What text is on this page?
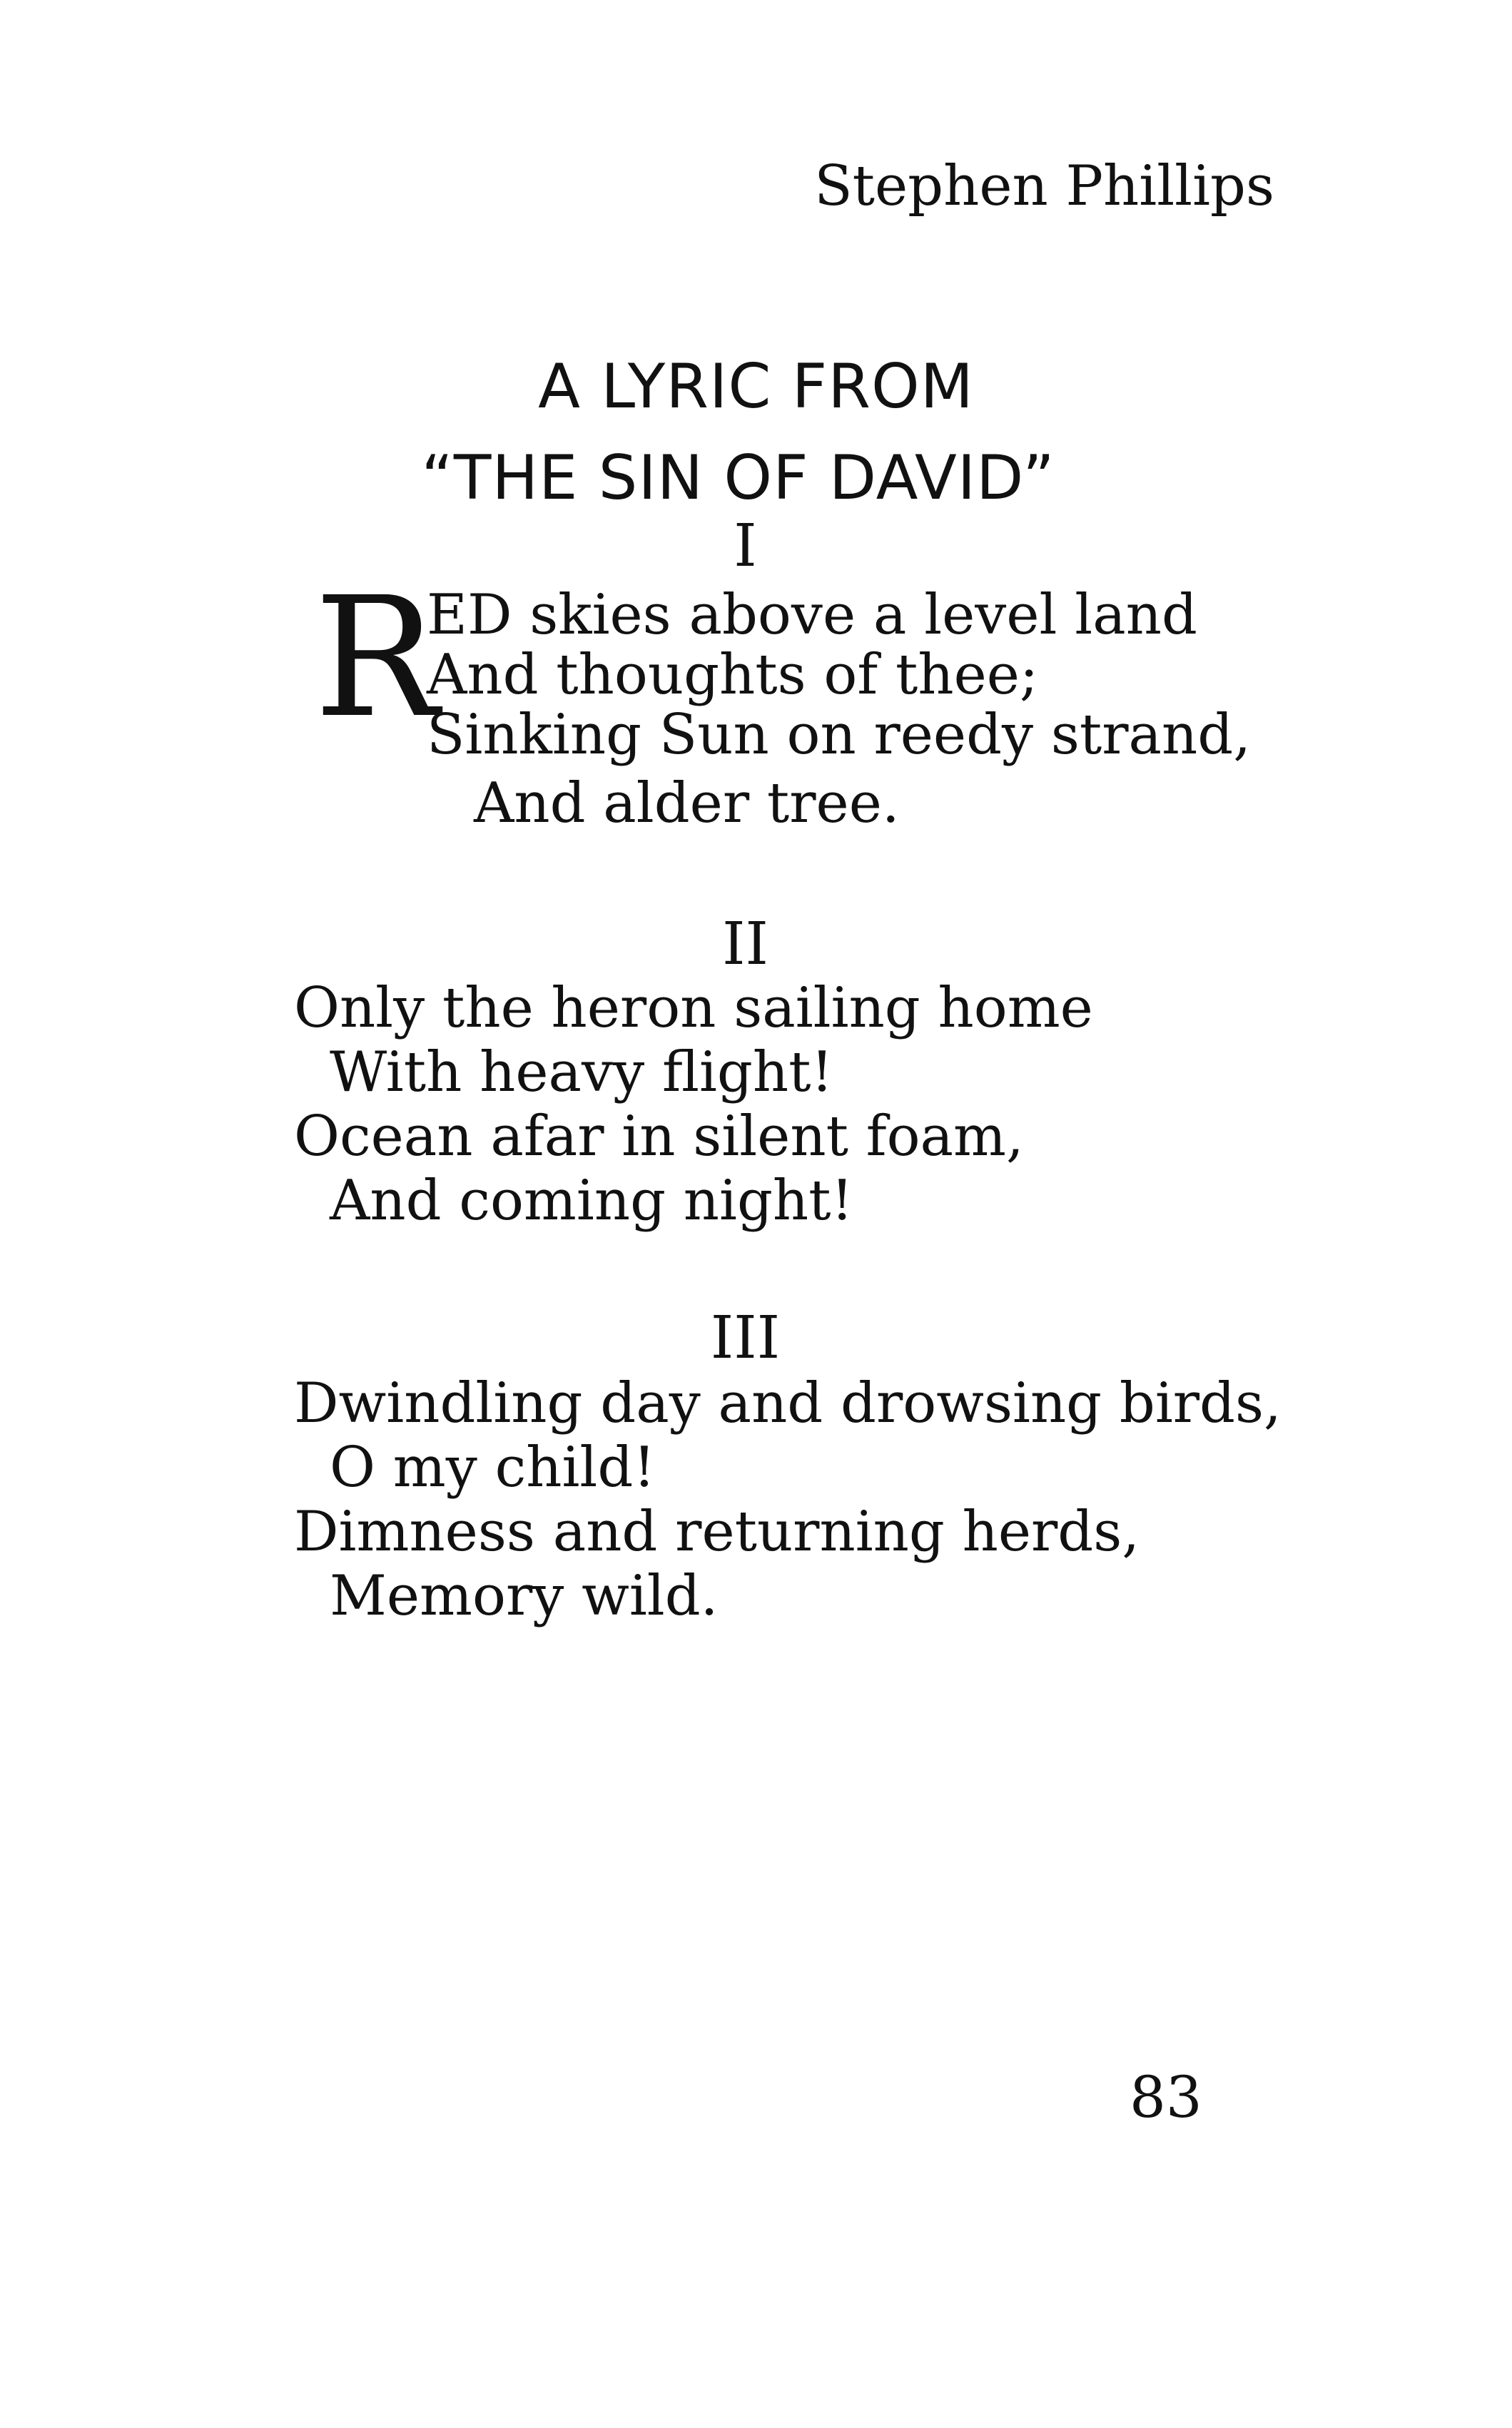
Stephen Phillips
A LYRIC FROM
“THE SIN OF DAVID”
I
R
ED skies above a level land
And thoughts of thee;
Sinking Sun on reedy strand,
And alder tree.
II
Only the heron sailing home
With heavy flight!
Ocean afar in silent foam,
And coming night!
III
Dwindling day and drowsing birds,
O my child!
Dimness and returning herds,
Memory wild.
83
